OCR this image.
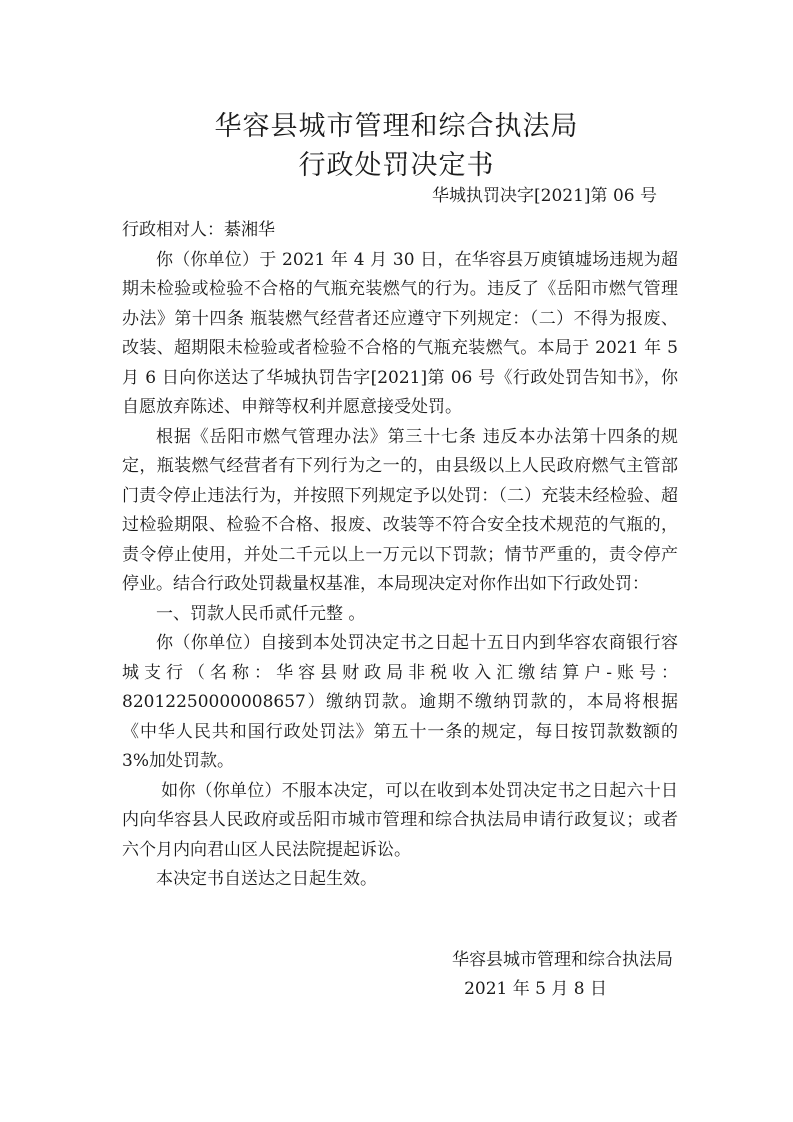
华容县城市管理和综合执法局
行政处罚决定书
华城执罚决字[2021]第 06 号

行政相对人：綦湘华

你（你单位）于 2021 年 4 月 30 日，在华容县万庾镇墟场违规为超期未检验或检验不合格的气瓶充装燃气的行为。违反了《岳阳市燃气管理办法》第十四条 瓶装燃气经营者还应遵守下列规定：（二）不得为报废、改装、超期限未检验或者检验不合格的气瓶充装燃气。本局于 2021 年 5 月 6 日向你送达了华城执罚告字[2021]第 06 号《行政处罚告知书》，你自愿放弃陈述、申辩等权利并愿意接受处罚。

根据《岳阳市燃气管理办法》第三十七条 违反本办法第十四条的规定，瓶装燃气经营者有下列行为之一的，由县级以上人民政府燃气主管部门责令停止违法行为，并按照下列规定予以处罚：（二）充装未经检验、超过检验期限、检验不合格、报废、改装等不符合安全技术规范的气瓶的，责令停止使用，并处二千元以上一万元以下罚款；情节严重的，责令停产停业。结合行政处罚裁量权基准，本局现决定对你作出如下行政处罚：

一、罚款人民币贰仟元整 。

你（你单位）自接到本处罚决定书之日起十五日内到华容农商银行容城支行（名称：华容县财政局非税收入汇缴结算户-账号：82012250000008657）缴纳罚款。逾期不缴纳罚款的，本局将根据《中华人民共和国行政处罚法》第五十一条的规定，每日按罚款数额的 3%加处罚款。

如你（你单位）不服本决定，可以在收到本处罚决定书之日起六十日内向华容县人民政府或岳阳市城市管理和综合执法局申请行政复议；或者六个月内向君山区人民法院提起诉讼。

本决定书自送达之日起生效。

华容县城市管理和综合执法局
2021 年 5 月 8 日
